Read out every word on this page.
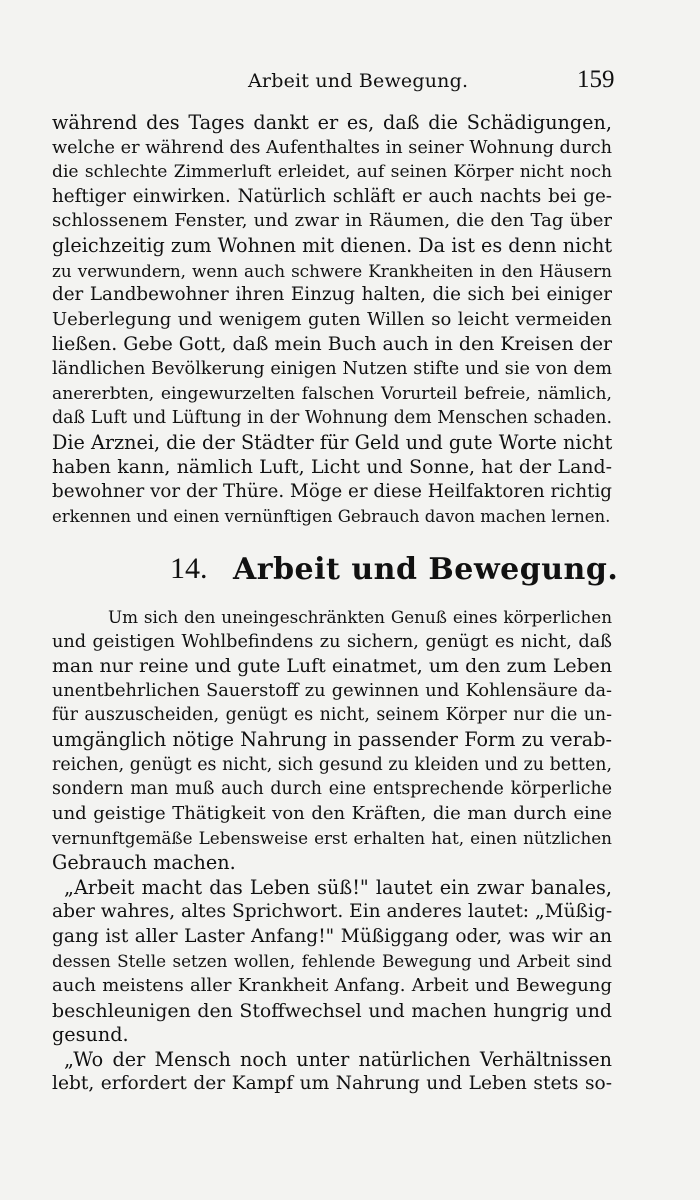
Arbeit und Bewegung.	159
während des Tages dankt er es, daß die Schädigungen,
welche er während des Aufenthaltes in seiner Wohnung durch
die schlechte Zimmerluft erleidet, auf seinen Körper nicht noch
heftiger einwirken. Natürlich schläft er auch nachts bei ge-
schlossenem Fenster, und zwar in Räumen, die den Tag über
gleichzeitig zum Wohnen mit dienen. Da ist es denn nicht
zu verwundern, wenn auch schwere Krankheiten in den Häusern
der Landbewohner ihren Einzug halten, die sich bei einiger
Ueberlegung und wenigem guten Willen so leicht vermeiden
ließen. Gebe Gott, daß mein Buch auch in den Kreisen der
ländlichen Bevölkerung einigen Nutzen stifte und sie von dem
anererbten, eingewurzelten falschen Vorurteil befreie, nämlich,
daß Luft und Lüftung in der Wohnung dem Menschen schaden.
Die Arznei, die der Städter für Geld und gute Worte nicht
haben kann, nämlich Luft, Licht und Sonne, hat der Land-
bewohner vor der Thüre. Möge er diese Heilfaktoren richtig
erkennen und einen vernünftigen Gebrauch davon machen lernen.
14. Arbeit und Bewegung.
Um sich den uneingeschränkten Genuß eines körperlichen
und geistigen Wohlbefindens zu sichern, genügt es nicht, daß
man nur reine und gute Luft einatmet, um den zum Leben
unentbehrlichen Sauerstoff zu gewinnen und Kohlensäure da-
für auszuscheiden, genügt es nicht, seinem Körper nur die un-
umgänglich nötige Nahrung in passender Form zu verab-
reichen, genügt es nicht, sich gesund zu kleiden und zu betten,
sondern man muß auch durch eine entsprechende körperliche
und geistige Thätigkeit von den Kräften, die man durch eine
vernunftgemäße Lebensweise erst erhalten hat, einen nützlichen
Gebrauch machen.
„Arbeit macht das Leben süß!" lautet ein zwar banales,
aber wahres, altes Sprichwort. Ein anderes lautet: „Müßig-
gang ist aller Laster Anfang!" Müßiggang oder, was wir an
dessen Stelle setzen wollen, fehlende Bewegung und Arbeit sind
auch meistens aller Krankheit Anfang. Arbeit und Bewegung
beschleunigen den Stoffwechsel und machen hungrig und
gesund.
„Wo der Mensch noch unter natürlichen Verhältnissen
lebt, erfordert der Kampf um Nahrung und Leben stets so-
